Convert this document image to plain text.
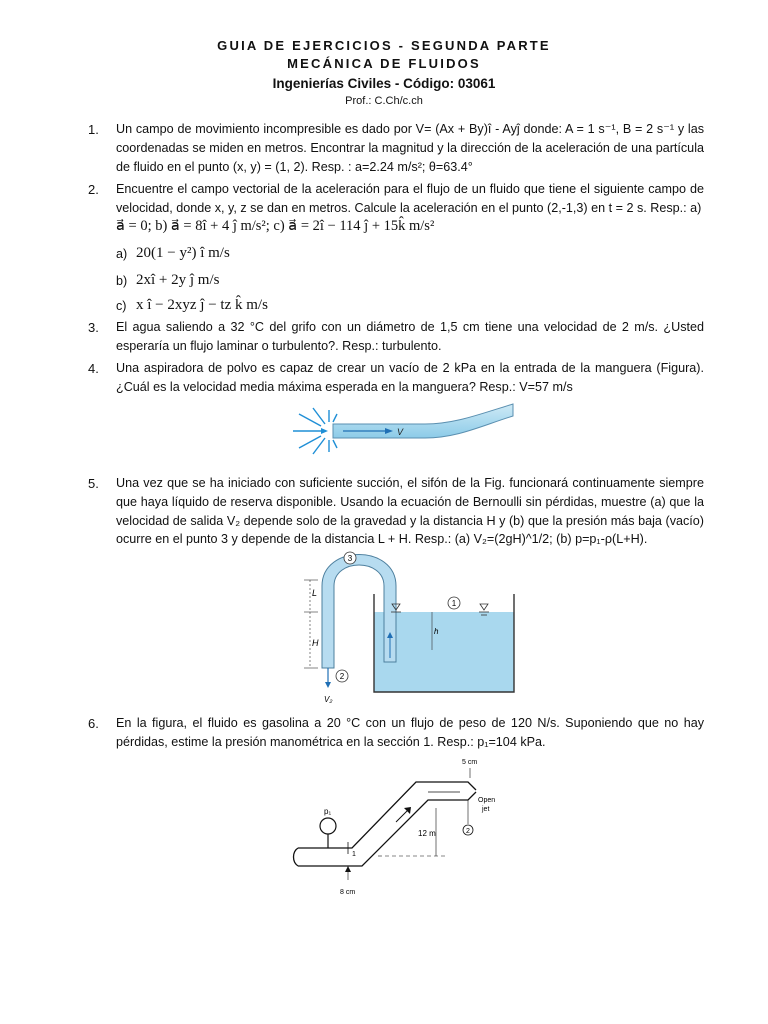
GUIA DE EJERCICIOS - SEGUNDA PARTE
MECÁNICA DE FLUIDOS
Ingenierías Civiles - Código: 03061
Prof.: C.Ch/c.ch
1.	Un campo de movimiento incompresible es dado por V= (Ax + By)î - Ayĵ donde: A = 1 s⁻¹, B = 2 s⁻¹ y las coordenadas se miden en metros. Encontrar la magnitud y la dirección de la aceleración de una partícula de fluido en el punto (x, y) = (1, 2). Resp. : a=2.24 m/s²; θ=63.4°
2.	Encuentre el campo vectorial de la aceleración para el flujo de un fluido que tiene el siguiente campo de velocidad, donde x, y, z se dan en metros. Calcule la aceleración en el punto (2,-1,3) en t = 2 s. Resp.: a)
a⃗ = 0; b) a⃗ = 8î + 4 ĵ m/s²; c) a⃗ = 2î − 114 ĵ + 15k̂ m/s²
a) 20(1 − y²) î m/s
b) 2xî + 2y ĵ m/s
c) x î − 2xyz ĵ − tz k̂ m/s
3.	El agua saliendo a 32 °C del grifo con un diámetro de 1,5 cm tiene una velocidad de 2 m/s. ¿Usted esperaría un flujo laminar o turbulento?. Resp.: turbulento.
4.	Una aspiradora de polvo es capaz de crear un vacío de 2 kPa en la entrada de la manguera (Figura). ¿Cuál es la velocidad media máxima esperada en la manguera? Resp.: V=57 m/s
V
5.	Una vez que se ha iniciado con suficiente succión, el sifón de la Fig. funcionará continuamente siempre que haya líquido de reserva disponible. Usando la ecuación de Bernoulli sin pérdidas, muestre (a) que la velocidad de salida V₂ depende solo de la gravedad y la distancia H y (b) que la presión más baja (vacío) ocurre en el punto 3 y depende de la distancia L + H. Resp.: (a) V₂=(2gH)^1/2; (b) p=p₁-ρ(L+H).
3
1
h
L
H
2
V₂
6.	En la figura, el fluido es gasolina a 20 °C con un flujo de peso de 120 N/s. Suponiendo que no hay pérdidas, estime la presión manométrica en la sección 1. Resp.: p₁=104 kPa.
p₁
1
12 m
5 cm
Open
jet
2
8 cm
